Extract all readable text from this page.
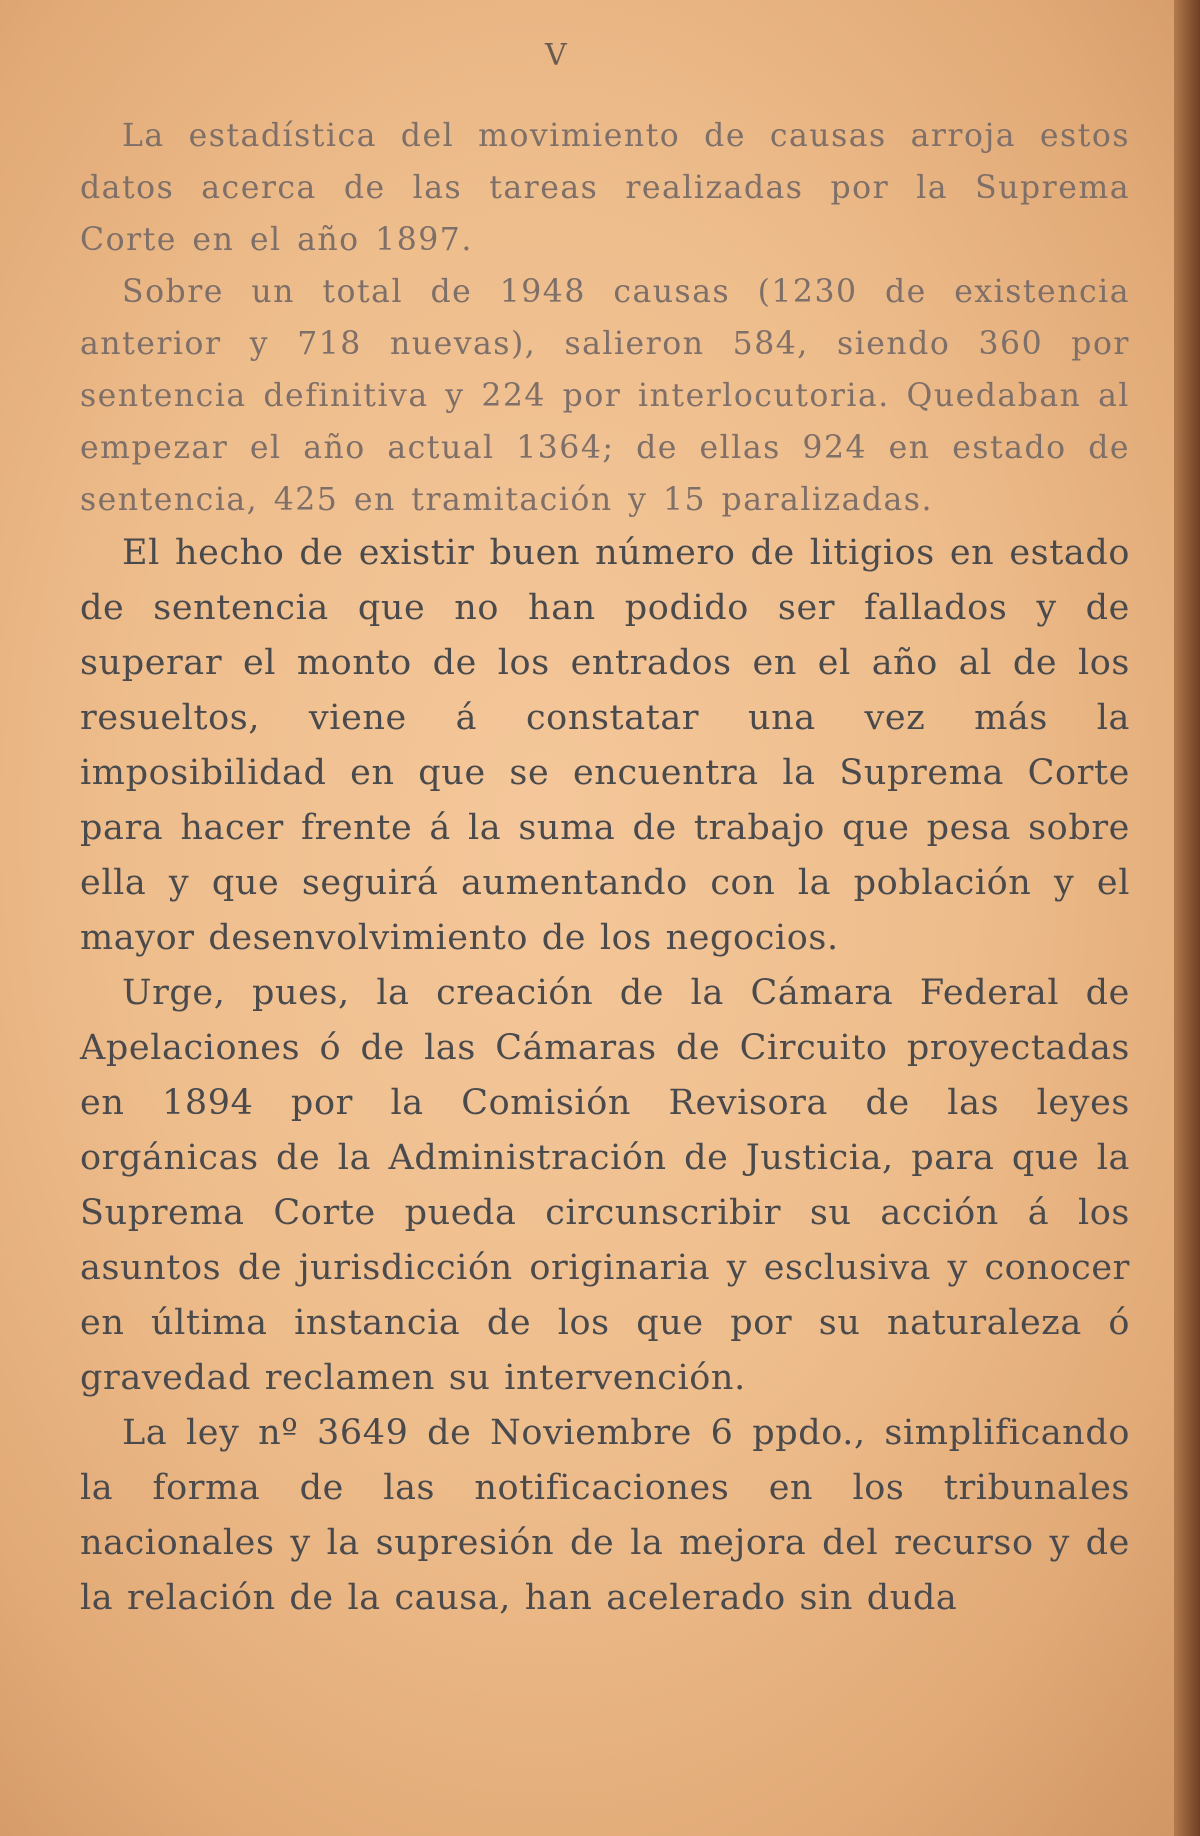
V

La estadística del movimiento de causas arroja estos datos acerca de las tareas realizadas por la Suprema Corte en el año 1897.

Sobre un total de 1948 causas (1230 de existencia anterior y 718 nuevas), salieron 584, siendo 360 por sentencia definitiva y 224 por interlocutoria. Quedaban al empezar el año actual 1364; de ellas 924 en estado de sentencia, 425 en tramitación y 15 paralizadas.

El hecho de existir buen número de litigios en estado de sentencia que no han podido ser fallados y de superar el monto de los entrados en el año al de los resueltos, viene á constatar una vez más la imposibilidad en que se encuentra la Suprema Corte para hacer frente á la suma de trabajo que pesa sobre ella y que seguirá aumentando con la población y el mayor desenvolvimiento de los negocios.

Urge, pues, la creación de la Cámara Federal de Apelaciones ó de las Cámaras de Circuito proyectadas en 1894 por la Comisión Revisora de las leyes orgánicas de la Administración de Justicia, para que la Suprema Corte pueda circunscribir su acción á los asuntos de jurisdicción originaria y esclusiva y conocer en última instancia de los que por su naturaleza ó gravedad reclamen su intervención.

La ley nº 3649 de Noviembre 6 ppdo., simplificando la forma de las notificaciones en los tribunales nacionales y la supresión de la mejora del recurso y de la relación de la causa, han acelerado sin duda
